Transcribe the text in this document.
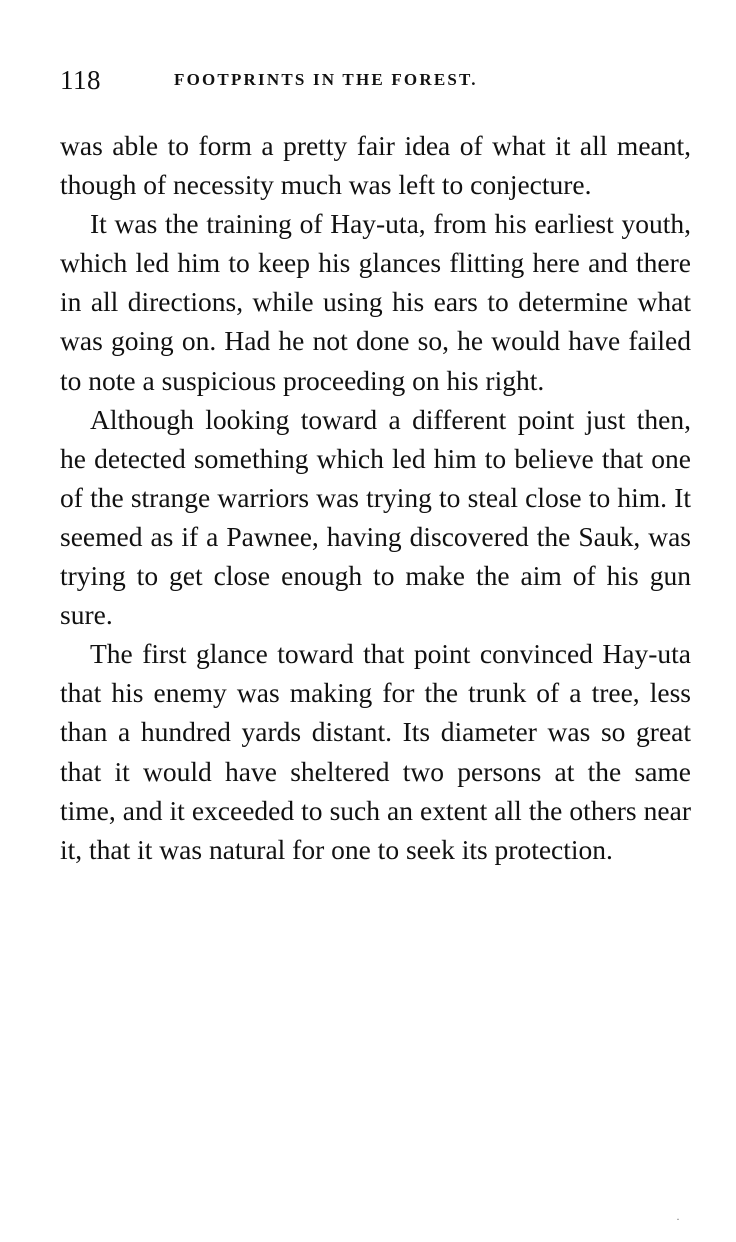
118	FOOTPRINTS IN THE FOREST.

was able to form a pretty fair idea of what it all meant, though of necessity much was left to conjecture.

It was the training of Hay-uta, from his earliest youth, which led him to keep his glances flitting here and there in all directions, while using his ears to determine what was going on. Had he not done so, he would have failed to note a suspicious proceeding on his right.

Although looking toward a different point just then, he detected something which led him to believe that one of the strange warriors was trying to steal close to him. It seemed as if a Pawnee, having discovered the Sauk, was trying to get close enough to make the aim of his gun sure.

The first glance toward that point convinced Hay-uta that his enemy was making for the trunk of a tree, less than a hundred yards distant. Its diameter was so great that it would have sheltered two persons at the same time, and it exceeded to such an extent all the others near it, that it was natural for one to seek its protection.

·
